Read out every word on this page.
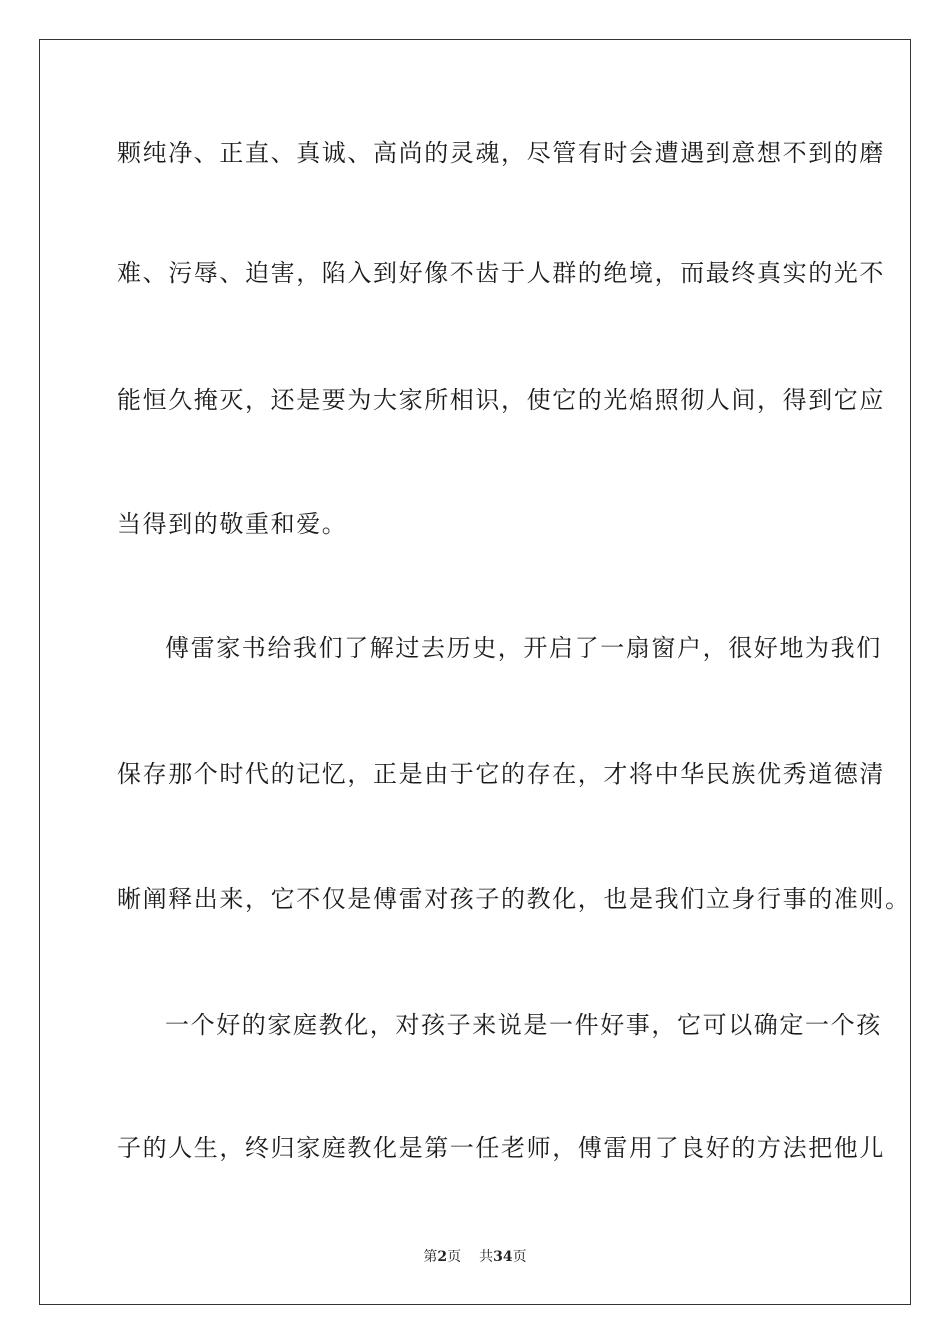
颗纯净、正直、真诚、高尚的灵魂，尽管有时会遭遇到意想不到的磨
难、污辱、迫害，陷入到好像不齿于人群的绝境，而最终真实的光不
能恒久掩灭，还是要为大家所相识，使它的光焰照彻人间，得到它应
当得到的敬重和爱。
傅雷家书给我们了解过去历史，开启了一扇窗户，很好地为我们
保存那个时代的记忆，正是由于它的存在，才将中华民族优秀道德清
晰阐释出来，它不仅是傅雷对孩子的教化，也是我们立身行事的准则。
一个好的家庭教化，对孩子来说是一件好事，它可以确定一个孩
子的人生，终归家庭教化是第一任老师，傅雷用了良好的方法把他儿
第2页 共34页
